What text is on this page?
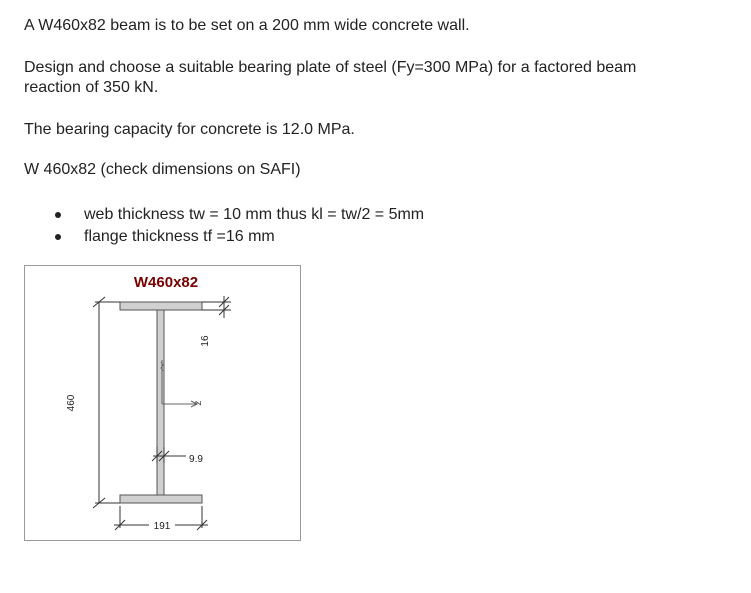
A W460x82 beam is to be set on a 200 mm wide concrete wall.

Design and choose a suitable bearing plate of steel (Fy=300 MPa) for a factored beam

reaction of 350 kN.

The bearing capacity for concrete is 12.0 MPa.

W 460x82 (check dimensions on SAFI)

web thickness tw = 10 mm thus kl = tw/2 = 5mm
flange thickness tf =16 mm
W460x82
460
16
z
9.9
191
